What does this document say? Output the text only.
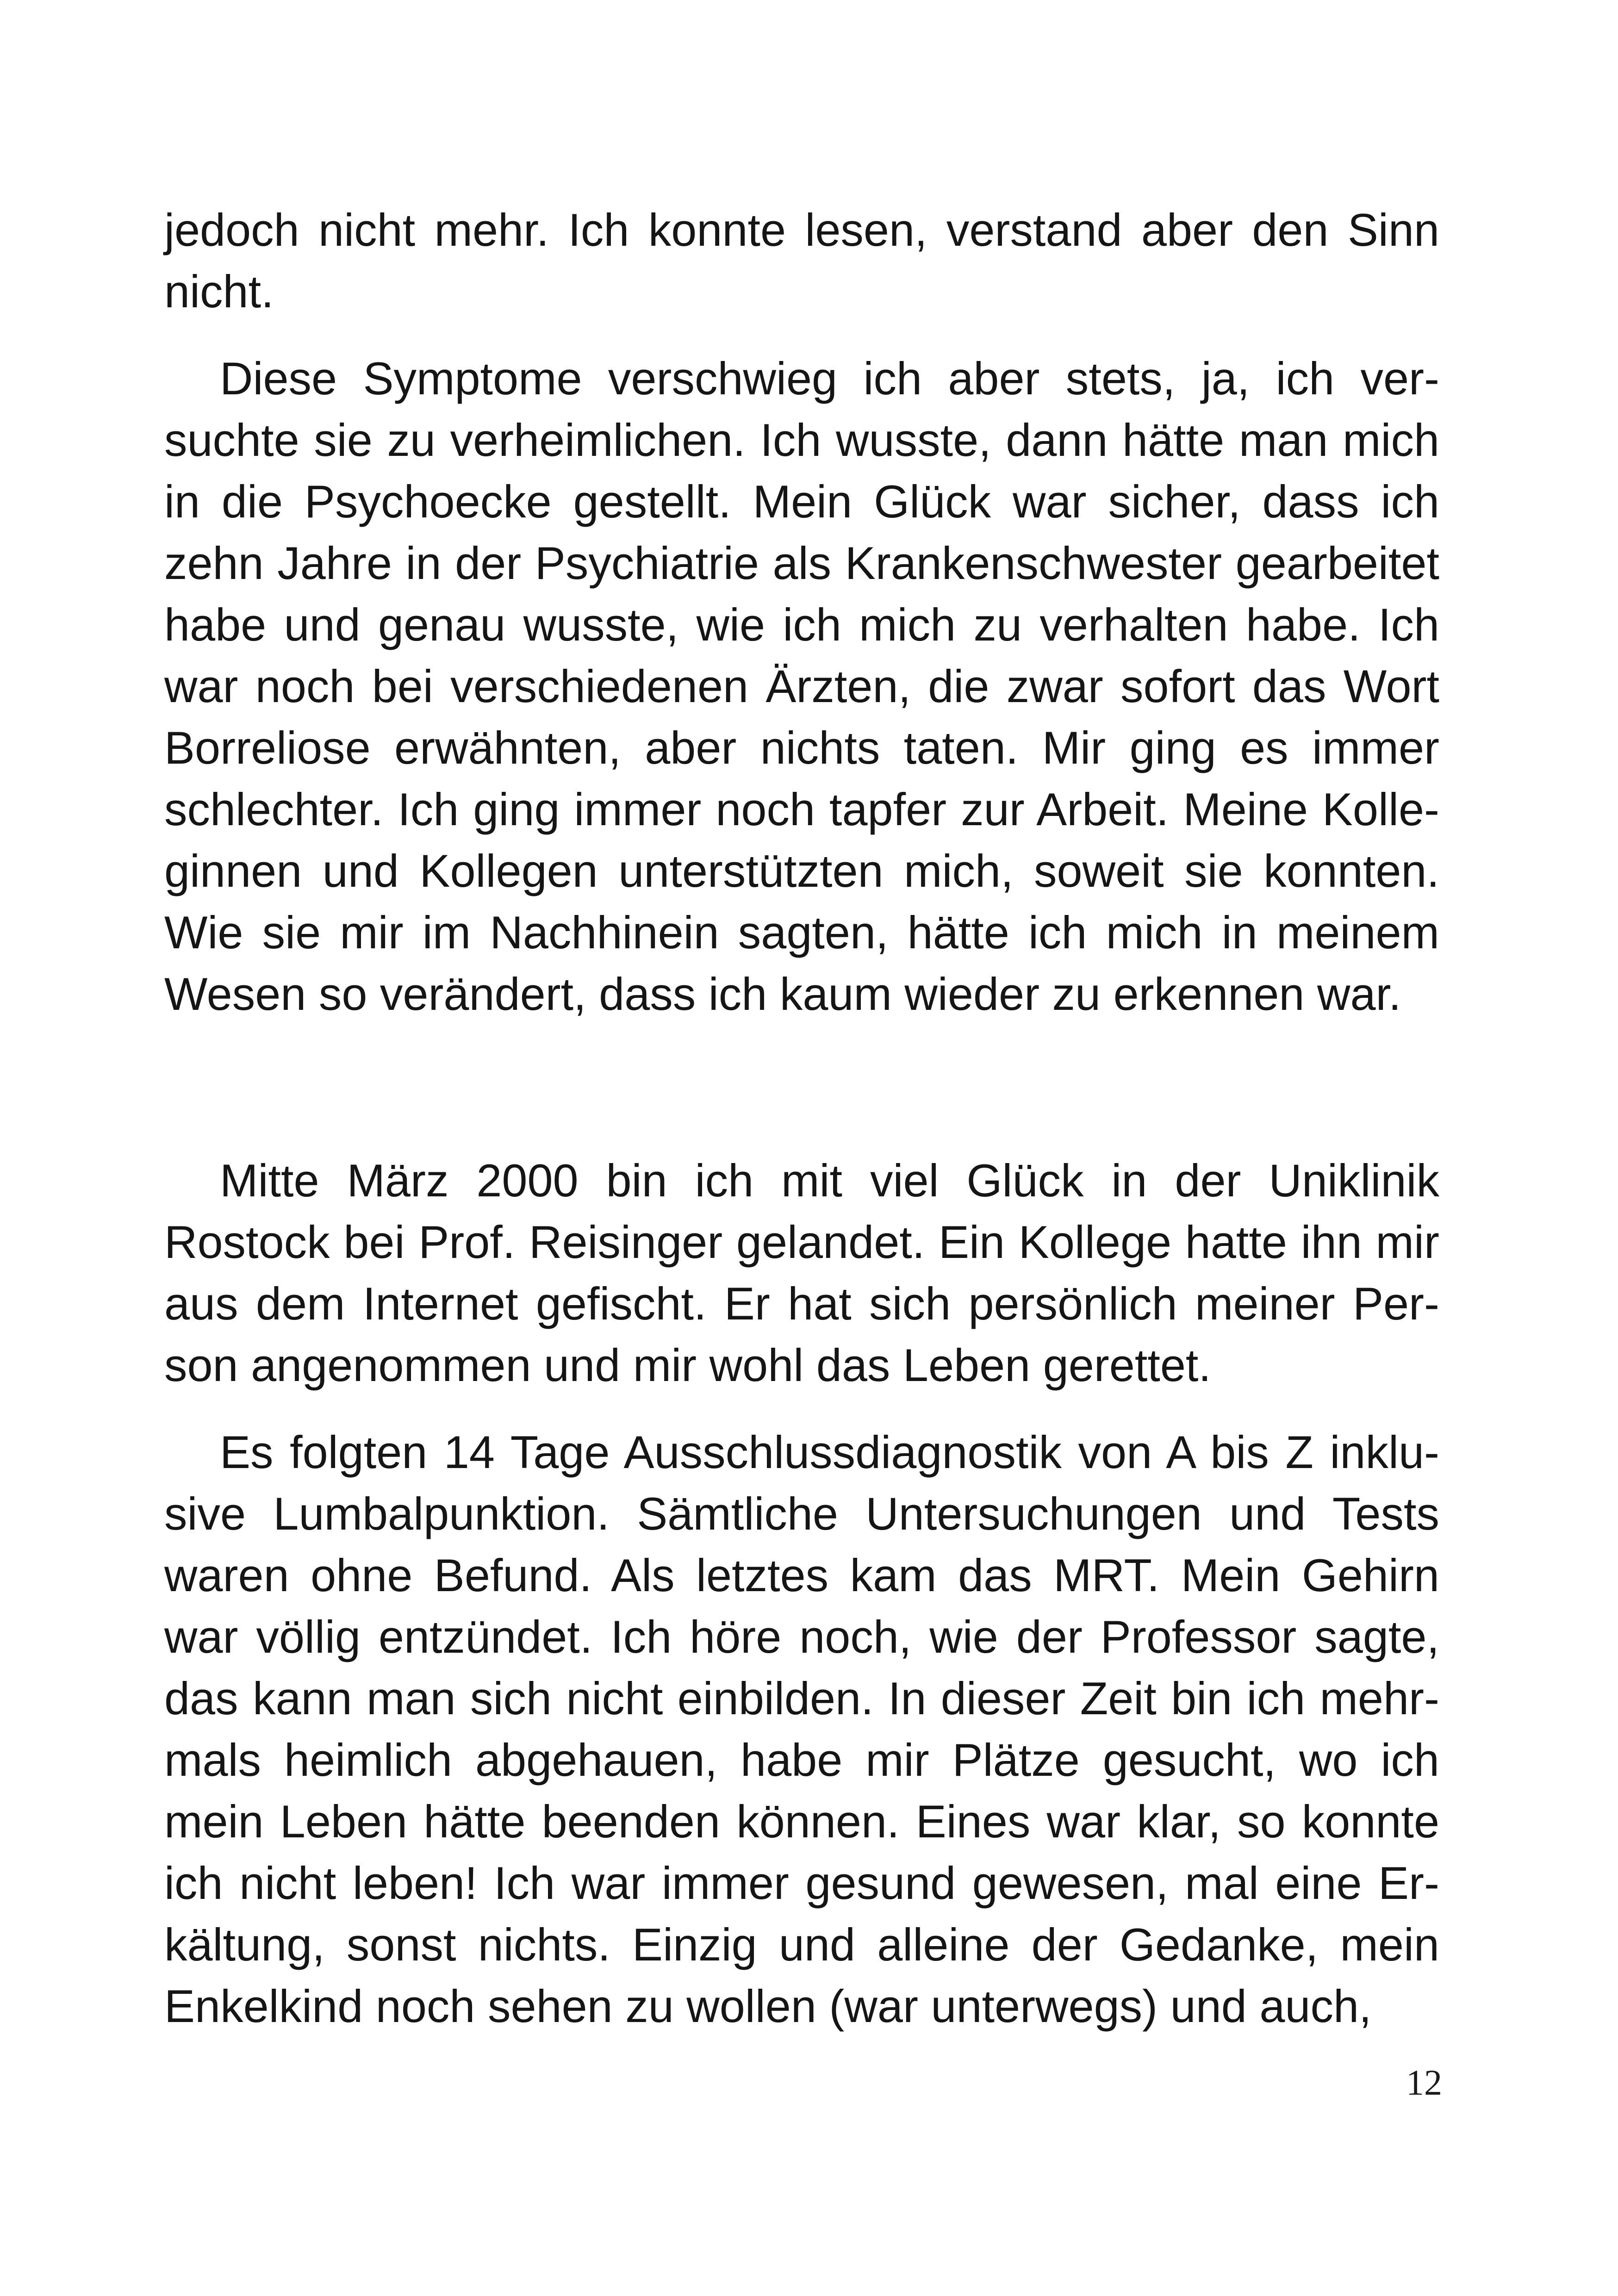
jedoch nicht mehr. Ich konnte lesen, verstand aber den Sinn nicht.

Diese Symptome verschwieg ich aber stets, ja, ich versuchte sie zu verheimlichen. Ich wusste, dann hätte man mich in die Psychoecke gestellt. Mein Glück war sicher, dass ich zehn Jahre in der Psychiatrie als Krankenschwester gearbeitet habe und genau wusste, wie ich mich zu verhalten habe. Ich war noch bei verschiedenen Ärzten, die zwar sofort das Wort Borreliose erwähnten, aber nichts taten. Mir ging es immer schlechter. Ich ging immer noch tapfer zur Arbeit. Meine Kolleginnen und Kollegen unterstützten mich, soweit sie konnten. Wie sie mir im Nachhinein sagten, hätte ich mich in meinem Wesen so verändert, dass ich kaum wieder zu erkennen war.

Mitte März 2000 bin ich mit viel Glück in der Uniklinik Rostock bei Prof. Reisinger gelandet. Ein Kollege hatte ihn mir aus dem Internet gefischt. Er hat sich persönlich meiner Person angenommen und mir wohl das Leben gerettet.

Es folgten 14 Tage Ausschlussdiagnostik von A bis Z inklusive Lumbalpunktion. Sämtliche Untersuchungen und Tests waren ohne Befund. Als letztes kam das MRT. Mein Gehirn war völlig entzündet. Ich höre noch, wie der Professor sagte, das kann man sich nicht einbilden. In dieser Zeit bin ich mehrmals heimlich abgehauen, habe mir Plätze gesucht, wo ich mein Leben hätte beenden können. Eines war klar, so konnte ich nicht leben! Ich war immer gesund gewesen, mal eine Erkältung, sonst nichts. Einzig und alleine der Gedanke, mein Enkelkind noch sehen zu wollen (war unterwegs) und auch,

12
